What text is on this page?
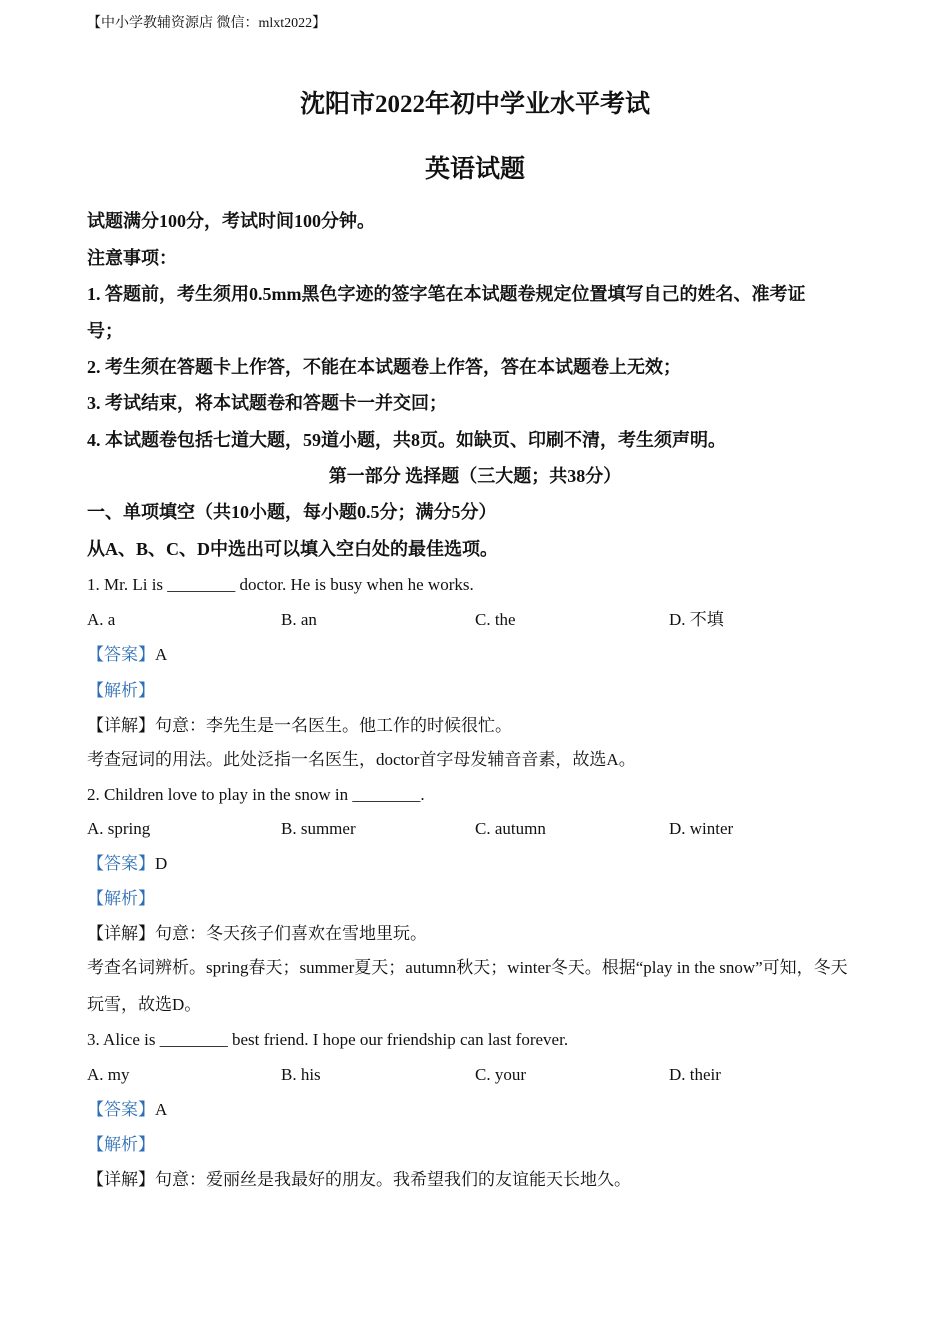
【中小学教辅资源店 微信：mlxt2022】
沈阳市2022年初中学业水平考试
英语试题
试题满分100分，考试时间100分钟。
注意事项：
1. 答题前，考生须用0.5mm黑色字迹的签字笔在本试题卷规定位置填写自己的姓名、准考证
号；
2. 考生须在答题卡上作答，不能在本试题卷上作答，答在本试题卷上无效；
3. 考试结束，将本试题卷和答题卡一并交回；
4. 本试题卷包括七道大题，59道小题，共8页。如缺页、印刷不清，考生须声明。
第一部分 选择题（三大题；共38分）
一、单项填空（共10小题，每小题0.5分；满分5分）
从A、B、C、D中选出可以填入空白处的最佳选项。
1. Mr. Li is ________ doctor. He is busy when he works.
A. a	B. an	C. the	D. 不填
【答案】A
【解析】
【详解】句意：李先生是一名医生。他工作的时候很忙。
考查冠词的用法。此处泛指一名医生，doctor首字母发辅音音素，故选A。
2. Children love to play in the snow in ________.
A. spring	B. summer	C. autumn	D. winter
【答案】D
【解析】
【详解】句意：冬天孩子们喜欢在雪地里玩。
考查名词辨析。spring春天；summer夏天；autumn秋天；winter冬天。根据“play in the snow”可知，冬天
玩雪，故选D。
3. Alice is ________ best friend. I hope our friendship can last forever.
A. my	B. his	C. your	D. their
【答案】A
【解析】
【详解】句意：爱丽丝是我最好的朋友。我希望我们的友谊能天长地久。
